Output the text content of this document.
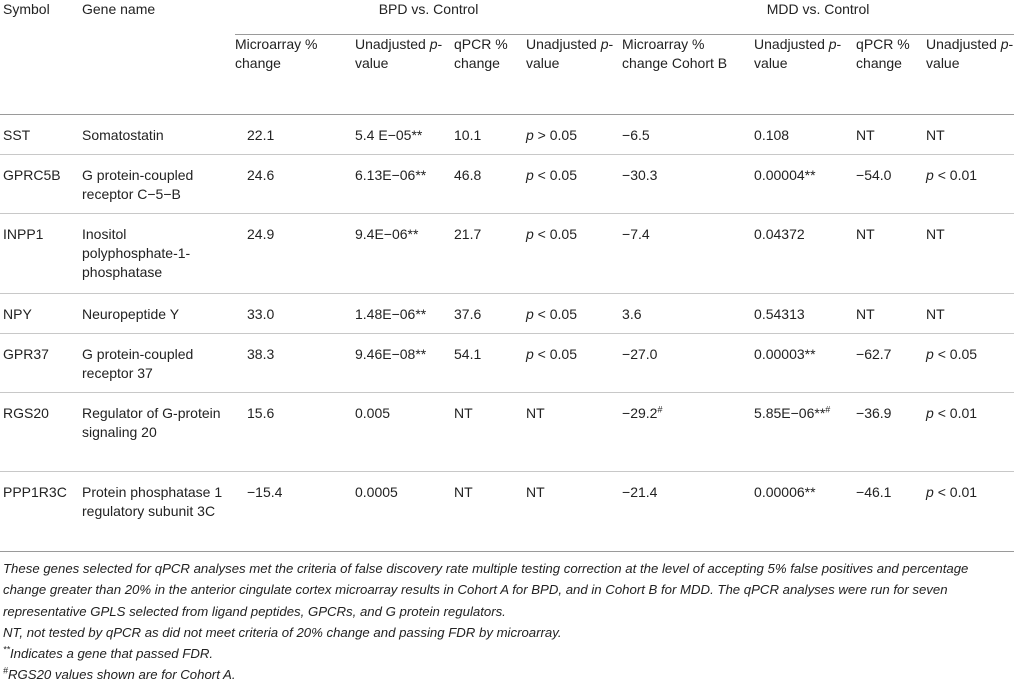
Symbol	Gene name	BPD vs. Control				MDD vs. Control			
		Microarray % change	Unadjusted p-value	qPCR % change	Unadjusted p-value	Microarray % change Cohort B	Unadjusted p-value	qPCR % change	Unadjusted p-value
SST	Somatostatin	22.1	5.4 E−05**	10.1	p > 0.05	−6.5	0.108	NT	NT
GPRC5B	G protein-coupled receptor C−5−B	24.6	6.13E−06**	46.8	p < 0.05	−30.3	0.00004**	−54.0	p < 0.01
INPP1	Inositol polyphosphate-1-phosphatase	24.9	9.4E−06**	21.7	p < 0.05	−7.4	0.04372	NT	NT
NPY	Neuropeptide Y	33.0	1.48E−06**	37.6	p < 0.05	3.6	0.54313	NT	NT
GPR37	G protein-coupled receptor 37	38.3	9.46E−08**	54.1	p < 0.05	−27.0	0.00003**	−62.7	p < 0.05
RGS20	Regulator of G-protein signaling 20	15.6	0.005	NT	NT	−29.2#	5.85E−06**#	−36.9	p < 0.01
PPP1R3C	Protein phosphatase 1 regulatory subunit 3C	−15.4	0.0005	NT	NT	−21.4	0.00006**	−46.1	p < 0.01

These genes selected for qPCR analyses met the criteria of false discovery rate multiple testing correction at the level of accepting 5% false positives and percentage change greater than 20% in the anterior cingulate cortex microarray results in Cohort A for BPD, and in Cohort B for MDD. The qPCR analyses were run for seven representative GPLS selected from ligand peptides, GPCRs, and G protein regulators.

NT, not tested by qPCR as did not meet criteria of 20% change and passing FDR by microarray.

**Indicates a gene that passed FDR.

#RGS20 values shown are for Cohort A.
